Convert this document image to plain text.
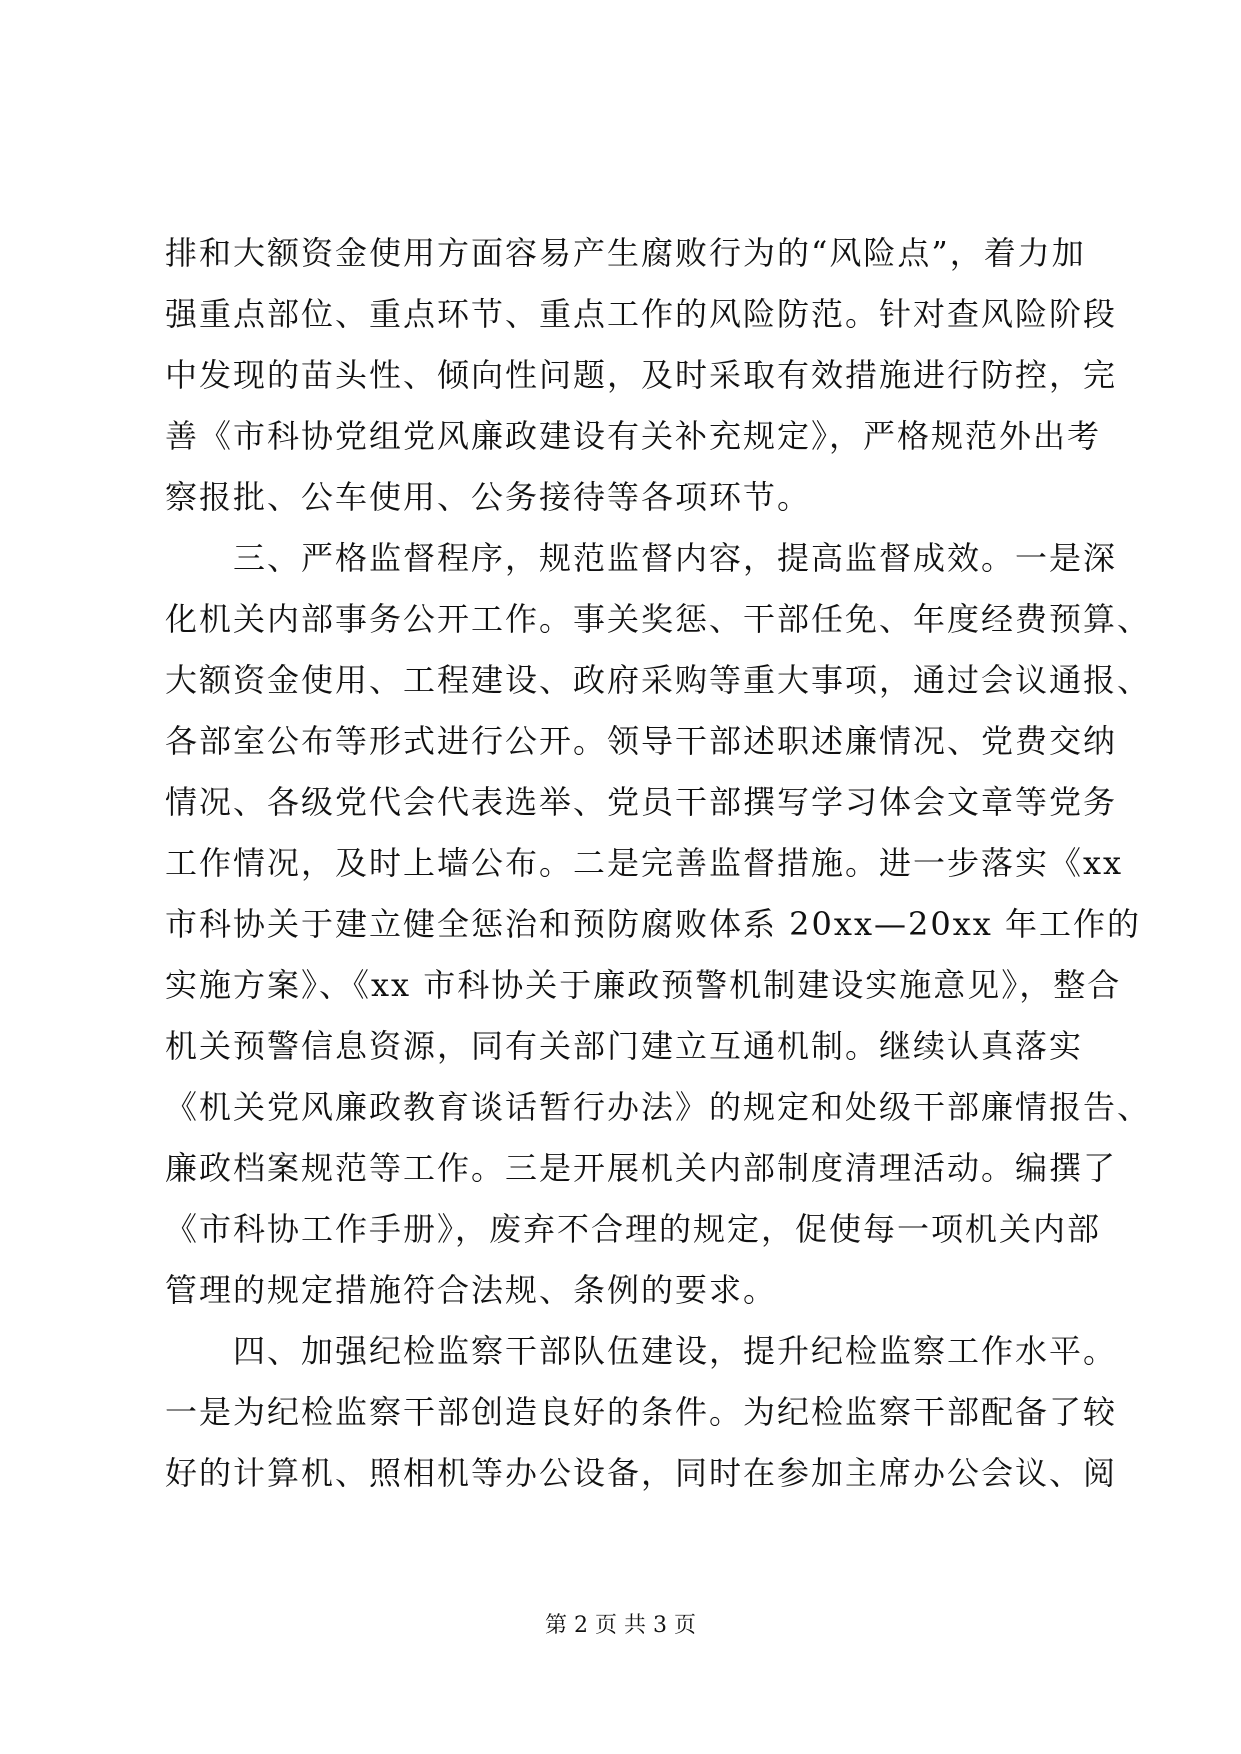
排和大额资金使用方面容易产生腐败行为的“风险点”，着力加
强重点部位、重点环节、重点工作的风险防范。针对查风险阶段
中发现的苗头性、倾向性问题，及时采取有效措施进行防控，完
善《市科协党组党风廉政建设有关补充规定》，严格规范外出考
察报批、公车使用、公务接待等各项环节。
　　三、严格监督程序，规范监督内容，提高监督成效。一是深
化机关内部事务公开工作。事关奖惩、干部任免、年度经费预算、
大额资金使用、工程建设、政府采购等重大事项，通过会议通报、
各部室公布等形式进行公开。领导干部述职述廉情况、党费交纳
情况、各级党代会代表选举、党员干部撰写学习体会文章等党务
工作情况，及时上墙公布。二是完善监督措施。进一步落实《xx
市科协关于建立健全惩治和预防腐败体系 20xx—20xx 年工作的
实施方案》、《xx 市科协关于廉政预警机制建设实施意见》，整合
机关预警信息资源，同有关部门建立互通机制。继续认真落实
《机关党风廉政教育谈话暂行办法》的规定和处级干部廉情报告、
廉政档案规范等工作。三是开展机关内部制度清理活动。编撰了
《市科协工作手册》，废弃不合理的规定，促使每一项机关内部
管理的规定措施符合法规、条例的要求。
　　四、加强纪检监察干部队伍建设，提升纪检监察工作水平。
一是为纪检监察干部创造良好的条件。为纪检监察干部配备了较
好的计算机、照相机等办公设备，同时在参加主席办公会议、阅
第 2 页 共 3 页
